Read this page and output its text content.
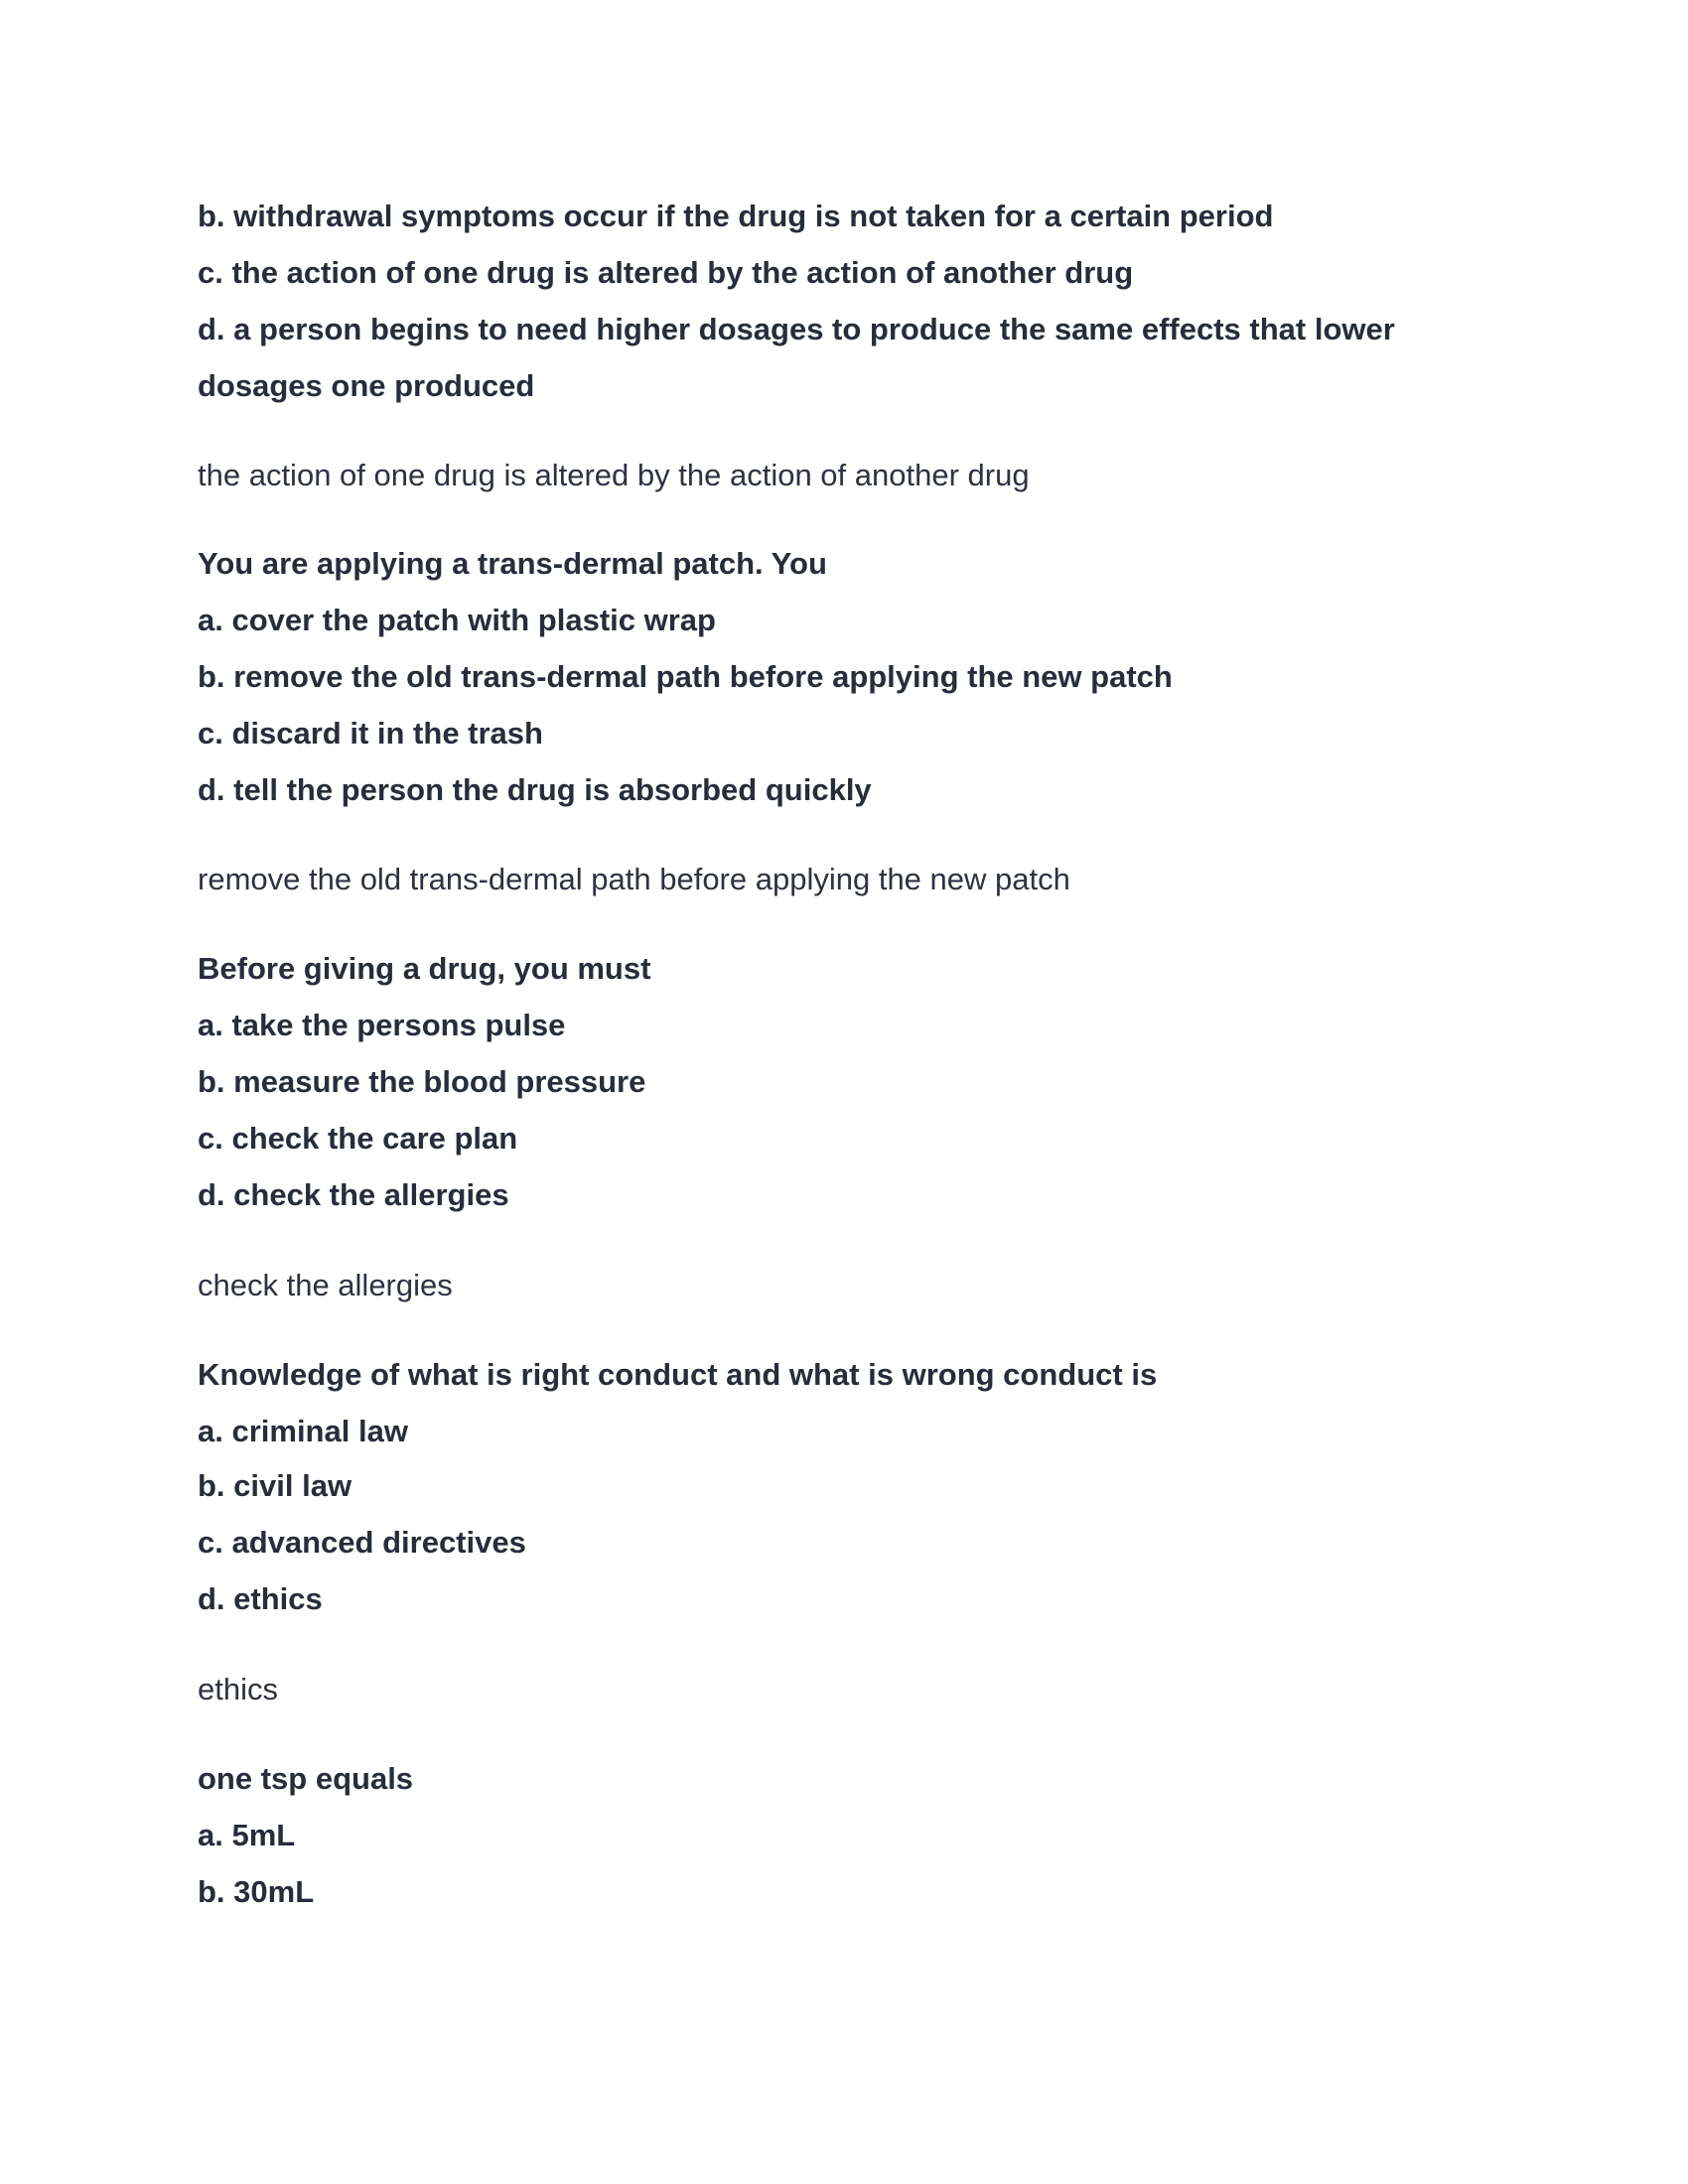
b. withdrawal symptoms occur if the drug is not taken for a certain period
c. the action of one drug is altered by the action of another drug
d. a person begins to need higher dosages to produce the same effects that lower
dosages one produced
the action of one drug is altered by the action of another drug
You are applying a trans-dermal patch. You
a. cover the patch with plastic wrap
b. remove the old trans-dermal path before applying the new patch
c. discard it in the trash
d. tell the person the drug is absorbed quickly
remove the old trans-dermal path before applying the new patch
Before giving a drug, you must
a. take the persons pulse
b. measure the blood pressure
c. check the care plan
d. check the allergies
check the allergies
Knowledge of what is right conduct and what is wrong conduct is
a. criminal law
b. civil law
c. advanced directives
d. ethics
ethics
one tsp equals
a. 5mL
b. 30mL
